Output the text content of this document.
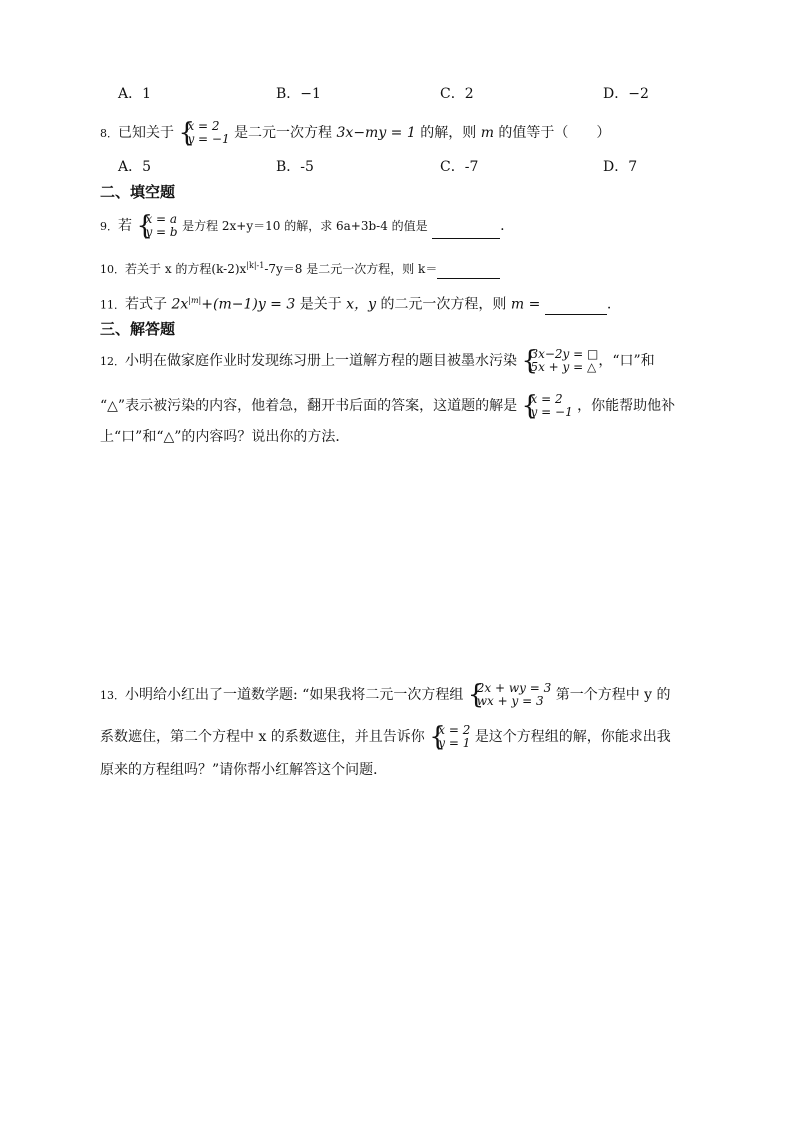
A．1	B．−1	C．2	D．−2
8．已知关于 {
x = 2
y = −1 是二元一次方程 3x−my = 1 的解，则 m 的值等于（　　）
A．5	B．-5	C．-7	D．7
二、填空题
9．若 {
x = a
y = b 是方程 2x+y＝10 的解，求 6a+3b-4 的值是	.
10．若关于 x 的方程$(k-2)x^{|k|-1}-7y=8$ 是二元一次方程，则 k＝
11．若式子 $2x^{|m|}+(m-1)y = 3$ 是关于 x，y 的二元一次方程，则 m =	.
三、解答题
12．小明在做家庭作业时发现练习册上一道解方程的题目被墨水污染 {
3x−2y = □
5x + y = △ ，“口”和
“△”表示被污染的内容，他着急，翻开书后面的答案，这道题的解是 {
x = 2
y = −1 ，你能帮助他补
上“口”和“△”的内容吗？说出你的方法．
13．小明给小红出了一道数学题: “如果我将二元一次方程组 {
2x + wy = 3
wx + y = 3 第一个方程中 y 的
系数遮住，第二个方程中 x 的系数遮住，并且告诉你 {
x = 2
y = 1 是这个方程组的解，你能求出我
原来的方程组吗？”请你帮小红解答这个问题．
